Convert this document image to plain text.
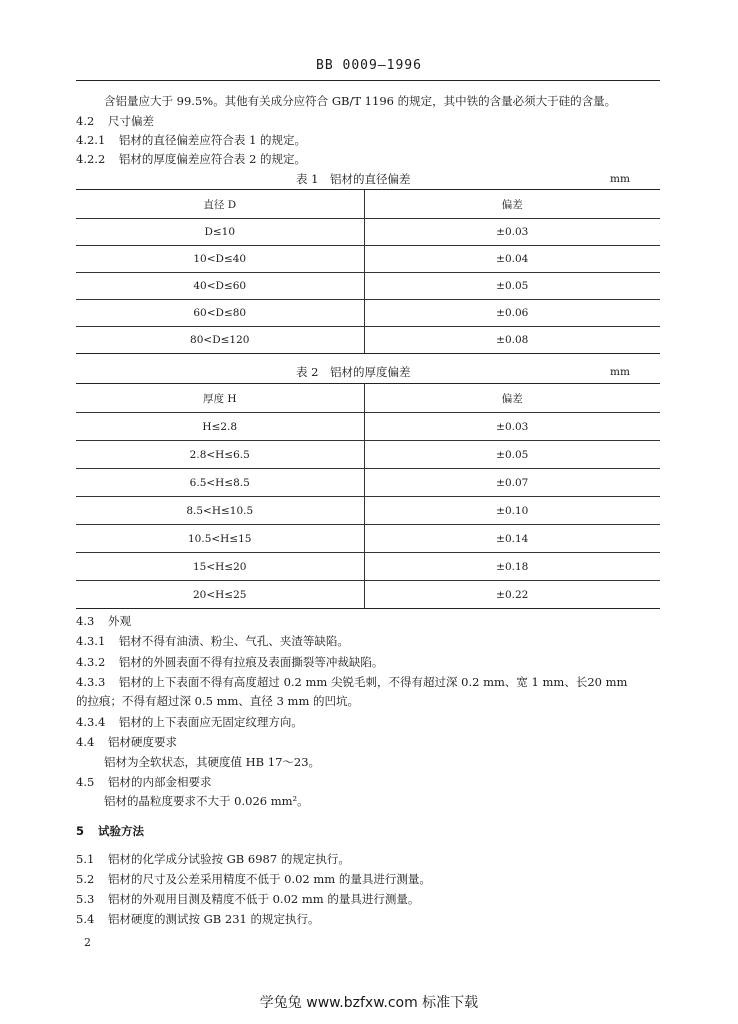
BB 0009—1996
含铝量应大于 99.5%。其他有关成分应符合 GB/T 1196 的规定，其中铁的含量必须大于硅的含量。
4.2 尺寸偏差
4.2.1 铝材的直径偏差应符合表 1 的规定。
4.2.2 铝材的厚度偏差应符合表 2 的规定。
表 1　铝材的直径偏差	mm
直径 D	偏差
D≤10	±0.03
10<D≤40	±0.04
40<D≤60	±0.05
60<D≤80	±0.06
80<D≤120	±0.08
表 2　铝材的厚度偏差	mm
厚度 H	偏差
H≤2.8	±0.03
2.8<H≤6.5	±0.05
6.5<H≤8.5	±0.07
8.5<H≤10.5	±0.10
10.5<H≤15	±0.14
15<H≤20	±0.18
20<H≤25	±0.22
4.3 外观
4.3.1 铝材不得有油渍、粉尘、气孔、夹渣等缺陷。
4.3.2 铝材的外圆表面不得有拉痕及表面撕裂等冲裁缺陷。
4.3.3 铝材的上下表面不得有高度超过 0.2 mm 尖锐毛刺，不得有超过深 0.2 mm、宽 1 mm、长20 mm
的拉痕；不得有超过深 0.5 mm、直径 3 mm 的凹坑。
4.3.4 铝材的上下表面应无固定纹理方向。
4.4 铝材硬度要求
铝材为全软状态，其硬度值 HB 17～23。
4.5 铝材的内部金相要求
铝材的晶粒度要求不大于 0.026 mm²。
5 试验方法
5.1 铝材的化学成分试验按 GB 6987 的规定执行。
5.2 铝材的尺寸及公差采用精度不低于 0.02 mm 的量具进行测量。
5.3 铝材的外观用目测及精度不低于 0.02 mm 的量具进行测量。
5.4 铝材硬度的测试按 GB 231 的规定执行。
2
学兔兔 www.bzfxw.com 标准下载
